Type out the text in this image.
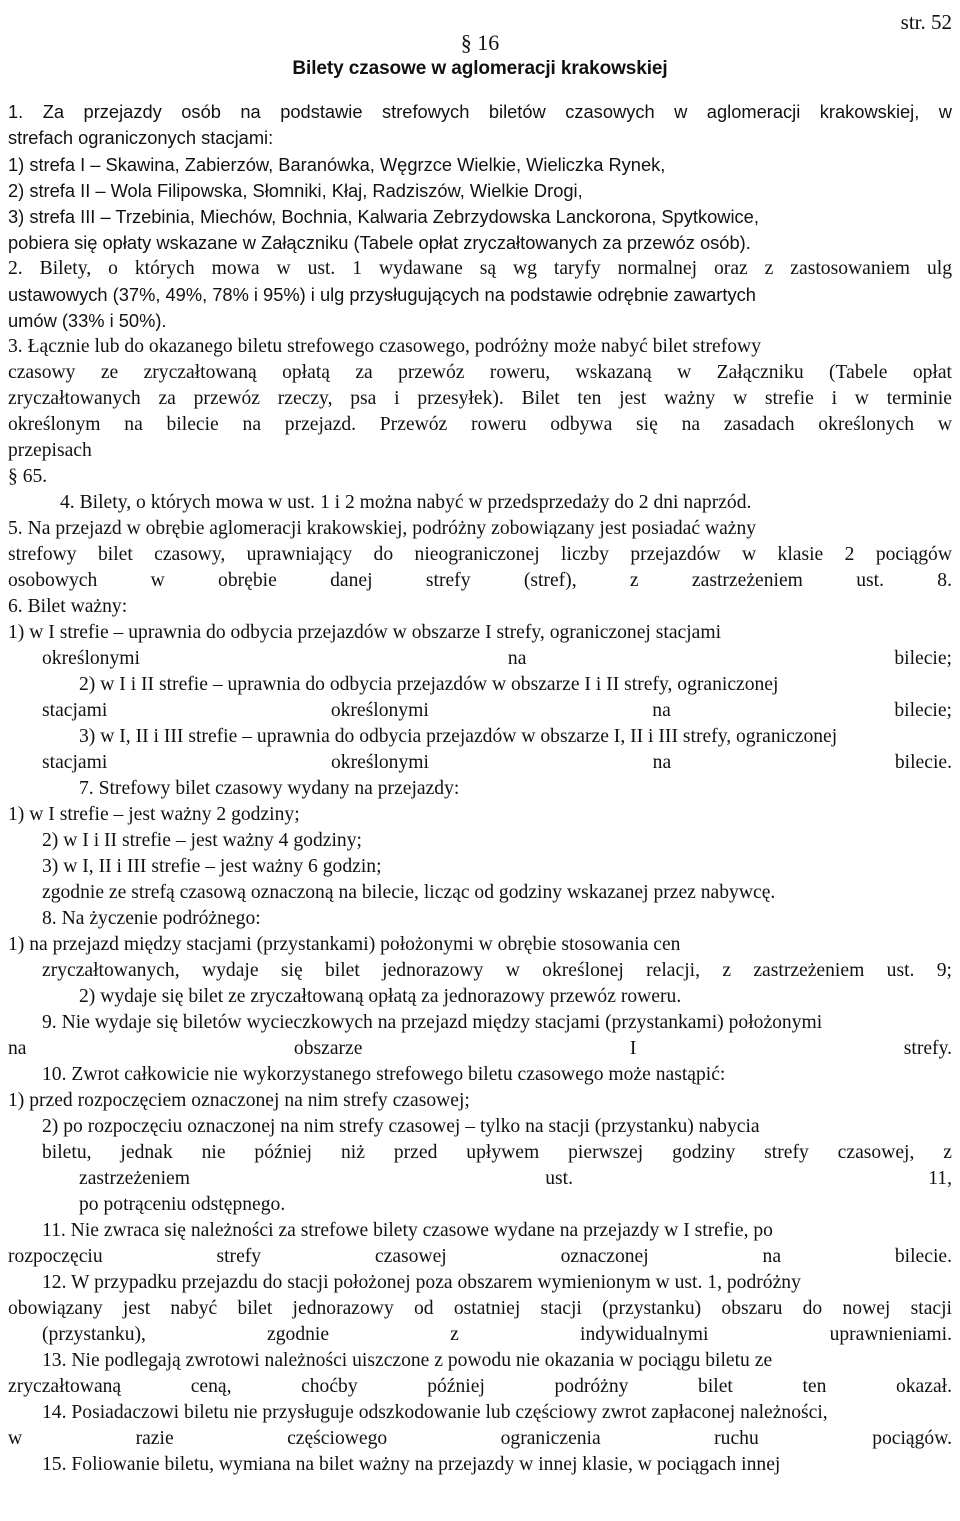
str. 52
§ 16
Bilety czasowe w aglomeracji krakowskiej
1. Za przejazdy osób na podstawie strefowych biletów czasowych w aglomeracji krakowskiej, w
strefach ograniczonych stacjami:
1) strefa I – Skawina, Zabierzów, Baranówka, Węgrzce Wielkie, Wieliczka Rynek,
2) strefa II – Wola Filipowska, Słomniki, Kłaj, Radziszów, Wielkie Drogi,
3) strefa III – Trzebinia, Miechów, Bochnia, Kalwaria Zebrzydowska Lanckorona, Spytkowice,
pobiera się opłaty wskazane w Załączniku (Tabele opłat zryczałtowanych za przewóz osób).
2. Bilety, o których mowa w ust. 1 wydawane są wg taryfy normalnej oraz z zastosowaniem ulg
ustawowych (37%, 49%, 78% i 95%) i ulg przysługujących na podstawie odrębnie zawartych
umów (33% i 50%).
3. Łącznie lub do okazanego biletu strefowego czasowego, podróżny może nabyć bilet strefowy
czasowy ze zryczałtowaną opłatą za przewóz roweru, wskazaną w Załączniku (Tabele opłat
zryczałtowanych za przewóz rzeczy, psa i przesyłek). Bilet ten jest ważny w strefie i w terminie
określonym na bilecie na przejazd. Przewóz roweru odbywa się na zasadach określonych w
przepisach
§ 65.
4. Bilety, o których mowa w ust. 1 i 2 można nabyć w przedsprzedaży do 2 dni naprzód.
5. Na przejazd w obrębie aglomeracji krakowskiej, podróżny zobowiązany jest posiadać ważny
strefowy bilet czasowy, uprawniający do nieograniczonej liczby przejazdów w klasie 2 pociągów
osobowych w obrębie danej strefy (stref), z zastrzeżeniem ust. 8.
6. Bilet ważny:
1) w I strefie – uprawnia do odbycia przejazdów w obszarze I strefy, ograniczonej stacjami
określonymi na bilecie;
2) w I i II strefie – uprawnia do odbycia przejazdów w obszarze I i II strefy, ograniczonej
stacjami określonymi na bilecie;
3) w I, II i III strefie – uprawnia do odbycia przejazdów w obszarze I, II i III strefy, ograniczonej
stacjami określonymi na bilecie.
7. Strefowy bilet czasowy wydany na przejazdy:
1) w I strefie – jest ważny 2 godziny;
2) w I i II strefie – jest ważny 4 godziny;
3) w I, II i III strefie – jest ważny 6 godzin;
zgodnie ze strefą czasową oznaczoną na bilecie, licząc od godziny wskazanej przez nabywcę.
8. Na życzenie podróżnego:
1) na przejazd między stacjami (przystankami) położonymi w obrębie stosowania cen
zryczałtowanych, wydaje się bilet jednorazowy w określonej relacji, z zastrzeżeniem ust. 9;
2) wydaje się bilet ze zryczałtowaną opłatą za jednorazowy przewóz roweru.
9. Nie wydaje się biletów wycieczkowych na przejazd między stacjami (przystankami) położonymi
na obszarze I strefy.
10. Zwrot całkowicie nie wykorzystanego strefowego biletu czasowego może nastąpić:
1) przed rozpoczęciem oznaczonej na nim strefy czasowej;
2) po rozpoczęciu oznaczonej na nim strefy czasowej – tylko na stacji (przystanku) nabycia
biletu, jednak nie później niż przed upływem pierwszej godziny strefy czasowej, z
zastrzeżeniem ust. 11,
po potrąceniu odstępnego.
11. Nie zwraca się należności za strefowe bilety czasowe wydane na przejazdy w I strefie, po
rozpoczęciu strefy czasowej oznaczonej na bilecie.
12. W przypadku przejazdu do stacji położonej poza obszarem wymienionym w ust. 1, podróżny
obowiązany jest nabyć bilet jednorazowy od ostatniej stacji (przystanku) obszaru do nowej stacji
(przystanku), zgodnie z indywidualnymi uprawnieniami.
13. Nie podlegają zwrotowi należności uiszczone z powodu nie okazania w pociągu biletu ze
zryczałtowaną ceną, choćby później podróżny bilet ten okazał.
14. Posiadaczowi biletu nie przysługuje odszkodowanie lub częściowy zwrot zapłaconej należności,
w razie częściowego ograniczenia ruchu pociągów.
15. Foliowanie biletu, wymiana na bilet ważny na przejazdy w innej klasie, w pociągach innej
